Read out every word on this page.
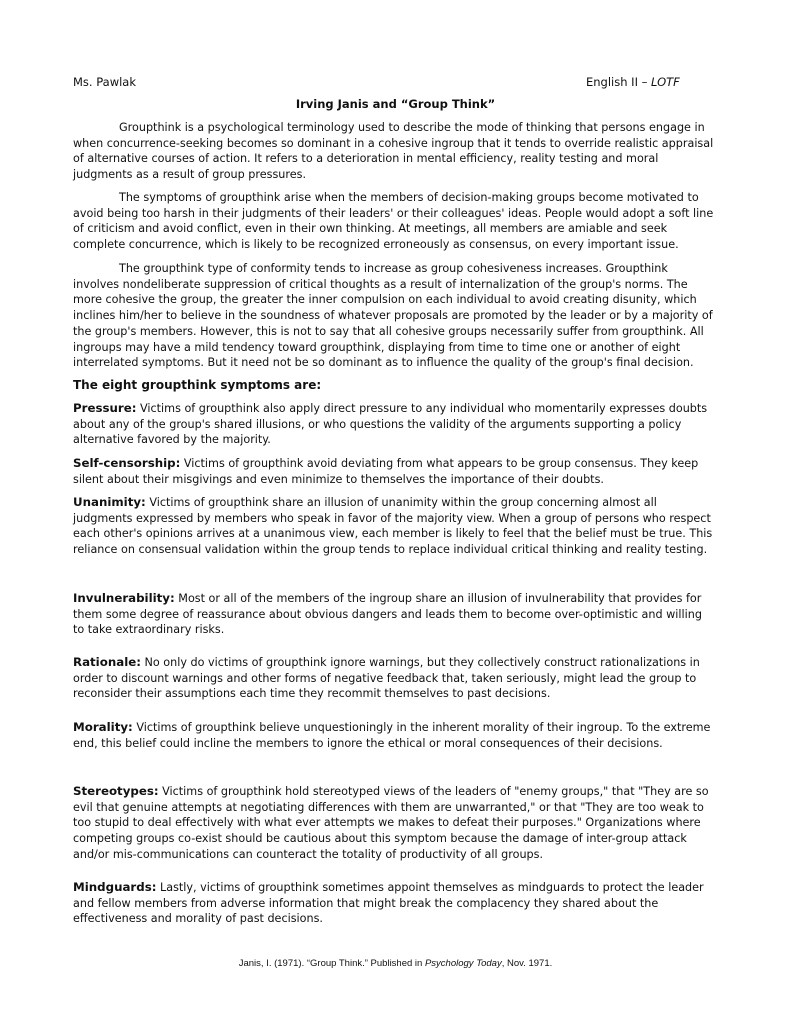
Ms. Pawlak	English II – LOTF
Irving Janis and “Group Think”

Groupthink is a psychological terminology used to describe the mode of thinking that persons engage in when concurrence-seeking becomes so dominant in a cohesive ingroup that it tends to override realistic appraisal of alternative courses of action. It refers to a deterioration in mental efficiency, reality testing and moral judgments as a result of group pressures.

The symptoms of groupthink arise when the members of decision-making groups become motivated to avoid being too harsh in their judgments of their leaders' or their colleagues' ideas. People would adopt a soft line of criticism and avoid conflict, even in their own thinking. At meetings, all members are amiable and seek complete concurrence, which is likely to be recognized erroneously as consensus, on every important issue.

The groupthink type of conformity tends to increase as group cohesiveness increases. Groupthink involves nondeliberate suppression of critical thoughts as a result of internalization of the group's norms. The more cohesive the group, the greater the inner compulsion on each individual to avoid creating disunity, which inclines him/her to believe in the soundness of whatever proposals are promoted by the leader or by a majority of the group's members. However, this is not to say that all cohesive groups necessarily suffer from groupthink. All ingroups may have a mild tendency toward groupthink, displaying from time to time one or another of eight interrelated symptoms. But it need not be so dominant as to influence the quality of the group's final decision.

The eight groupthink symptoms are:

Pressure: Victims of groupthink also apply direct pressure to any individual who momentarily expresses doubts about any of the group's shared illusions, or who questions the validity of the arguments supporting a policy alternative favored by the majority.

Self-censorship: Victims of groupthink avoid deviating from what appears to be group consensus. They keep silent about their misgivings and even minimize to themselves the importance of their doubts.

Unanimity: Victims of groupthink share an illusion of unanimity within the group concerning almost all judgments expressed by members who speak in favor of the majority view. When a group of persons who respect each other's opinions arrives at a unanimous view, each member is likely to feel that the belief must be true. This reliance on consensual validation within the group tends to replace individual critical thinking and reality testing.

Invulnerability: Most or all of the members of the ingroup share an illusion of invulnerability that provides for them some degree of reassurance about obvious dangers and leads them to become over-optimistic and willing to take extraordinary risks.

Rationale: No only do victims of groupthink ignore warnings, but they collectively construct rationalizations in order to discount warnings and other forms of negative feedback that, taken seriously, might lead the group to reconsider their assumptions each time they recommit themselves to past decisions.

Morality: Victims of groupthink believe unquestioningly in the inherent morality of their ingroup. To the extreme end, this belief could incline the members to ignore the ethical or moral consequences of their decisions.

Stereotypes: Victims of groupthink hold stereotyped views of the leaders of "enemy groups," that "They are so evil that genuine attempts at negotiating differences with them are unwarranted," or that "They are too weak to too stupid to deal effectively with what ever attempts we makes to defeat their purposes." Organizations where competing groups co-exist should be cautious about this symptom because the damage of inter-group attack and/or mis-communications can counteract the totality of productivity of all groups.

Mindguards: Lastly, victims of groupthink sometimes appoint themselves as mindguards to protect the leader and fellow members from adverse information that might break the complacency they shared about the effectiveness and morality of past decisions.

Janis, I. (1971). “Group Think.” Published in Psychology Today, Nov. 1971.
